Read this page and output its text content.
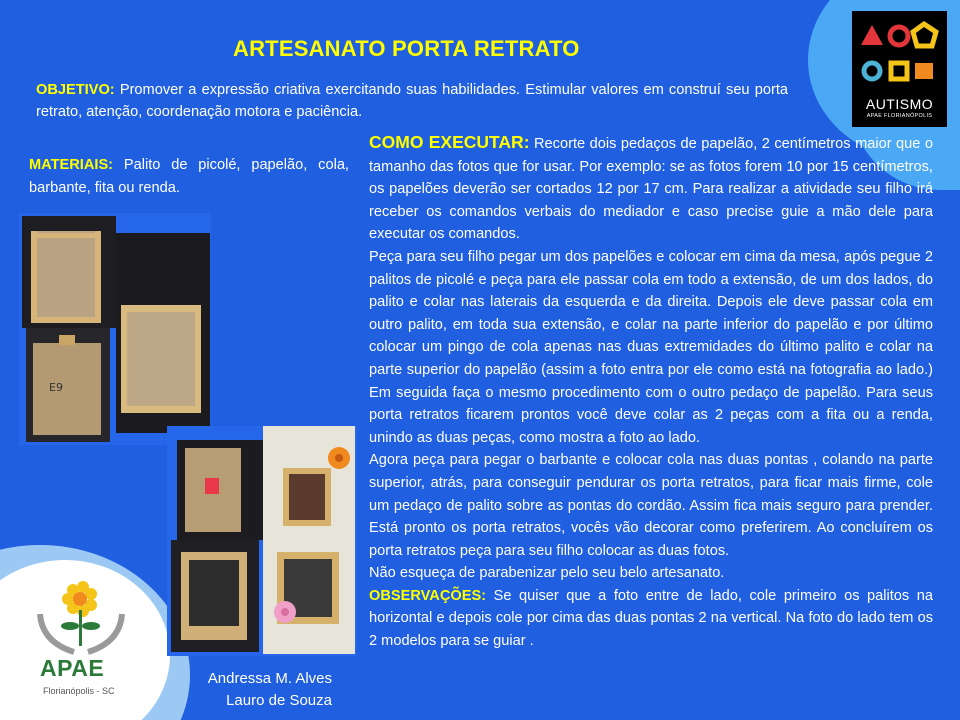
AUTISMO
APAE FLORIANÓPOLIS
ARTESANATO PORTA RETRATO
OBJETIVO: Promover a expressão criativa exercitando suas habilidades. Estimular valores em construí seu porta retrato, atenção, coordenação motora e paciência.
MATERIAIS: Palito de picolé, papelão, cola, barbante, fita ou renda.

COMO EXECUTAR: Recorte dois pedaços de papelão, 2 centímetros maior que o tamanho das fotos que for usar. Por exemplo: se as fotos forem 10 por 15 centímetros, os papelões deverão ser cortados 12 por 17 cm. Para realizar a atividade seu filho irá receber os comandos verbais do mediador e caso precise guie a mão dele para executar os comandos.

Peça para seu filho pegar um dos papelões e colocar em cima da mesa, após pegue 2 palitos de picolé e peça para ele passar cola em todo a extensão, de um dos lados, do palito e colar nas laterais da esquerda e da direita. Depois ele deve passar cola em outro palito, em toda sua extensão, e colar na parte inferior do papelão e por último colocar um pingo de cola apenas nas duas extremidades do último palito e colar na parte superior do papelão (assim a foto entra por ele como está na fotografia ao lado.) Em seguida faça o mesmo procedimento com o outro pedaço de papelão. Para seus porta retratos ficarem prontos você deve colar as 2 peças com a fita ou a renda, unindo as duas peças, como mostra a foto ao lado.

Agora peça para pegar o barbante e colocar cola nas duas pontas , colando na parte superior, atrás, para conseguir pendurar os porta retratos, para ficar mais firme, cole um pedaço de palito sobre as pontas do cordão. Assim fica mais seguro para prender. Está pronto os porta retratos, vocês vão decorar como preferirem. Ao concluírem os porta retratos peça para seu filho colocar as duas fotos.

Não esqueça de parabenizar pelo seu belo artesanato.

OBSERVAÇÕES: Se quiser que a foto entre de lado, cole primeiro os palitos na horizontal e depois cole por cima das duas pontas 2 na vertical. Na foto do lado tem os 2 modelos para se guiar .

E9
APAE
Florianópolis - SC
Andressa M. Alves
Lauro de Souza
